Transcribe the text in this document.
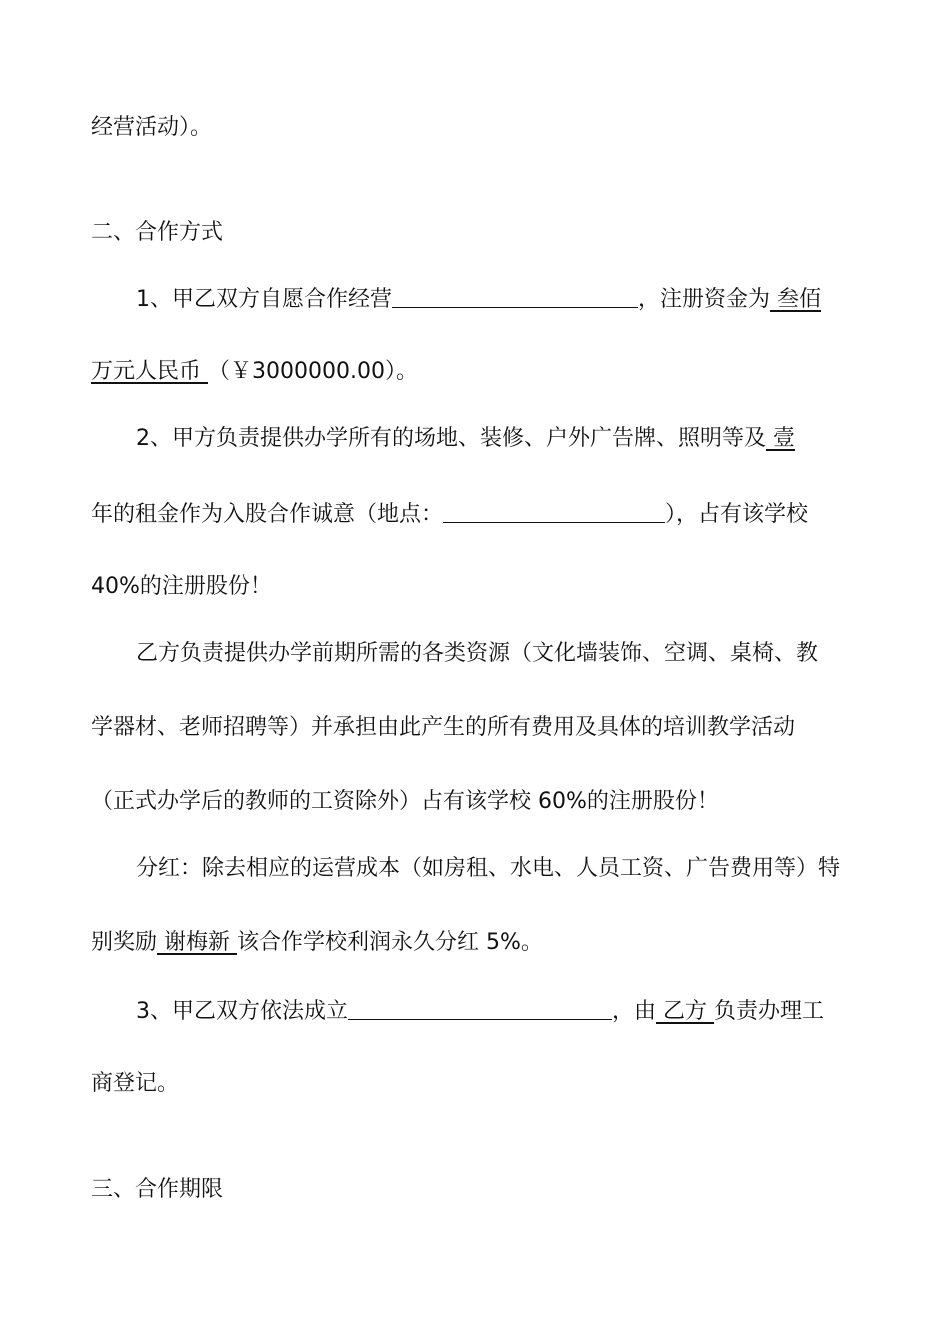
经营活动）。
二、合作方式
1、甲乙双方自愿合作经营	，注册资金为 叁佰
万元人民币 （￥3000000.00）。
2、甲方负责提供办学所有的场地、装修、户外广告牌、照明等及 壹
年的租金作为入股合作诚意（地点：	），占有该学校
40%的注册股份！
乙方负责提供办学前期所需的各类资源（文化墙装饰、空调、桌椅、教
学器材、老师招聘等）并承担由此产生的所有费用及具体的培训教学活动
（正式办学后的教师的工资除外）占有该学校 60%的注册股份！
分红：除去相应的运营成本（如房租、水电、人员工资、广告费用等）特
别奖励 谢梅新 该合作学校利润永久分红 5%。
3、甲乙双方依法成立	，由 乙方 负责办理工
商登记。
三、合作期限
